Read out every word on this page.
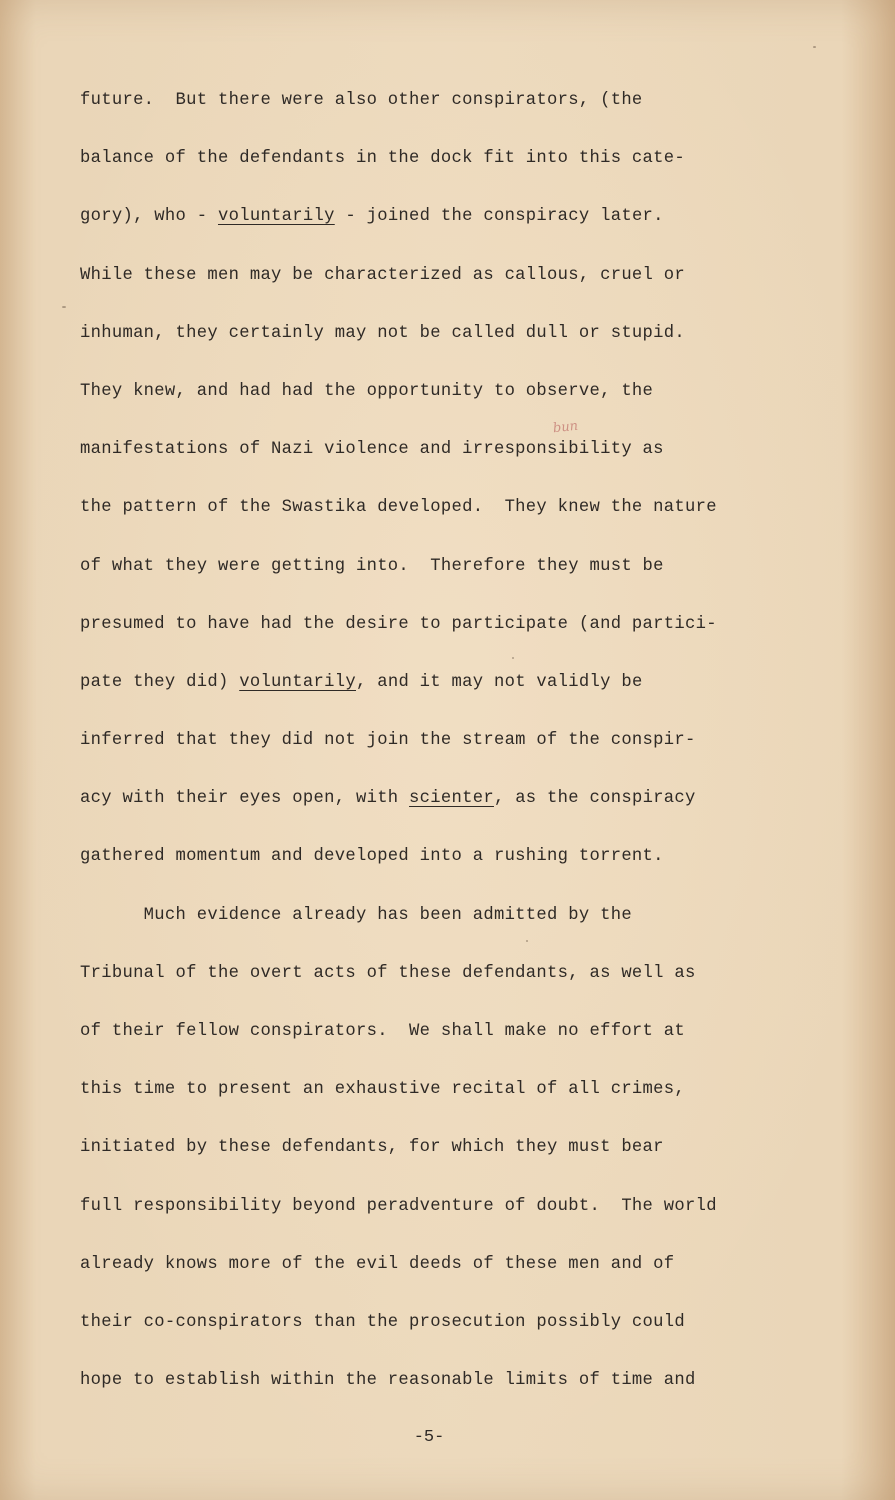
future.  But there were also other conspirators, (the
balance of the defendants in the dock fit into this cate-
gory), who - voluntarily - joined the conspiracy later.
While these men may be characterized as callous, cruel or
inhuman, they certainly may not be called dull or stupid.
They knew, and had had the opportunity to observe, the
manifestations of Nazi violence and irresponsibility as
the pattern of the Swastika developed.  They knew the nature
of what they were getting into.  Therefore they must be
presumed to have had the desire to participate (and partici-
pate they did) voluntarily, and it may not validly be
inferred that they did not join the stream of the conspir-
acy with their eyes open, with scienter, as the conspiracy
gathered momentum and developed into a rushing torrent.
Much evidence already has been admitted by the
Tribunal of the overt acts of these defendants, as well as
of their fellow conspirators.  We shall make no effort at
this time to present an exhaustive recital of all crimes,
initiated by these defendants, for which they must bear
full responsibility beyond peradventure of doubt.  The world
already knows more of the evil deeds of these men and of
their co-conspirators than the prosecution possibly could
hope to establish within the reasonable limits of time and
bun
-5-
